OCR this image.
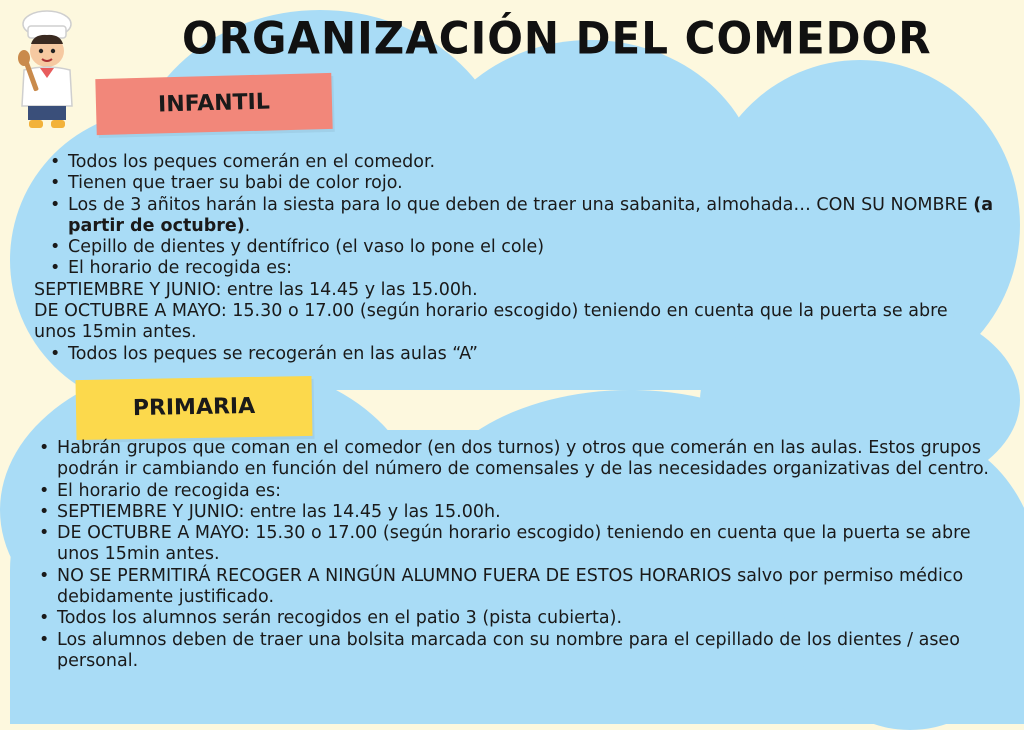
ORGANIZACIÓN DEL COMEDOR
INFANTIL
• Todos los peques comerán en el comedor.
• Tienen que traer su babi de color rojo.
• Los de 3 añitos harán la siesta para lo que deben de traer una sabanita, almohada… CON SU NOMBRE (a partir de octubre).
• Cepillo de dientes y dentífrico (el vaso lo pone el cole)
• El horario de recogida es:

SEPTIEMBRE Y JUNIO: entre las 14.45 y las 15.00h.

DE OCTUBRE A MAYO: 15.30 o 17.00 (según horario escogido) teniendo en cuenta que la puerta se abre unos 15min antes.

• Todos los peques se recogerán en las aulas “A”
PRIMARIA
• Habrán grupos que coman en el comedor (en dos turnos) y otros que comerán en las aulas. Estos grupos podrán ir cambiando en función del número de comensales y de las necesidades organizativas del centro.
• El horario de recogida es:
• SEPTIEMBRE Y JUNIO: entre las 14.45 y las 15.00h.
• DE OCTUBRE A MAYO: 15.30 o 17.00 (según horario escogido) teniendo en cuenta que la puerta se abre unos 15min antes.
• NO SE PERMITIRÁ RECOGER A NINGÚN ALUMNO FUERA DE ESTOS HORARIOS salvo por permiso médico debidamente justificado.
• Todos los alumnos serán recogidos en el patio 3 (pista cubierta).
• Los alumnos deben de traer una bolsita marcada con su nombre para el cepillado de los dientes / aseo personal.
